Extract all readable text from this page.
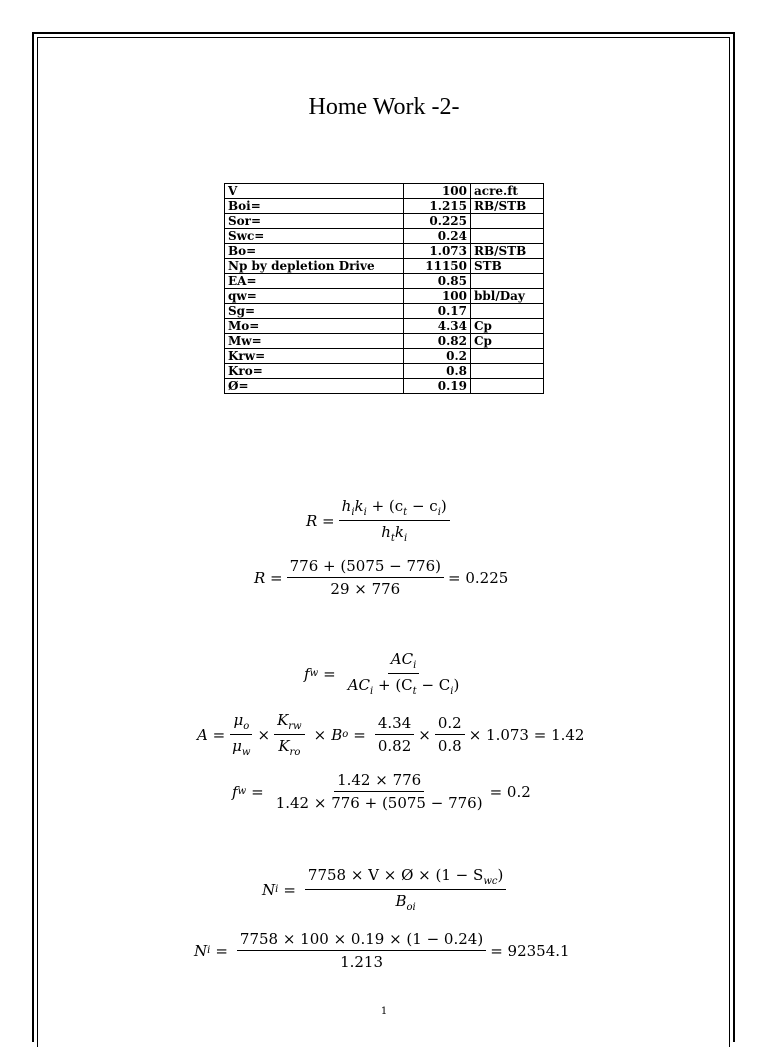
Home Work -2-
V	100	acre.ft
Boi=	1.215	RB/STB
Sor=	0.225	
Swc=	0.24	
Bo=	1.073	RB/STB
Np by depletion Drive	11150	STB
EA=	0.85	
qw=	100	bbl/Day
Sg=	0.17	
Mo=	4.34	Cp
Mw=	0.82	Cp
Krw=	0.2	
Kro=	0.8	
Ø=	0.19	
$R = \frac{h_ik_i + (c_t - c_i)}{h_tk_i}$
$R = \frac{776 + (5075 - 776)}{29 \times 776} = 0.225$
f $w = \frac{AC_i}{AC_i + (C_t - C_i)}$
$A = \frac{\mu_o}{\mu_w} \times \frac{K_{rw}}{K_{ro}} \times B$ $o = \frac{4.34}{0.82} \times \frac{0.2}{0.8} \times 1.073 = 1.42$
f $w = \frac{1.42 \times 776}{1.42 \times 776 + (5075 - 776)} = 0.2$
N $i = \frac{7758 \times V \times Ø \times (1 - S_{wc})}{B_{oi}}$
N $i = \frac{7758 \times 100 \times 0.19 \times (1 - 0.24)}{1.213} = 92354.1$
1
